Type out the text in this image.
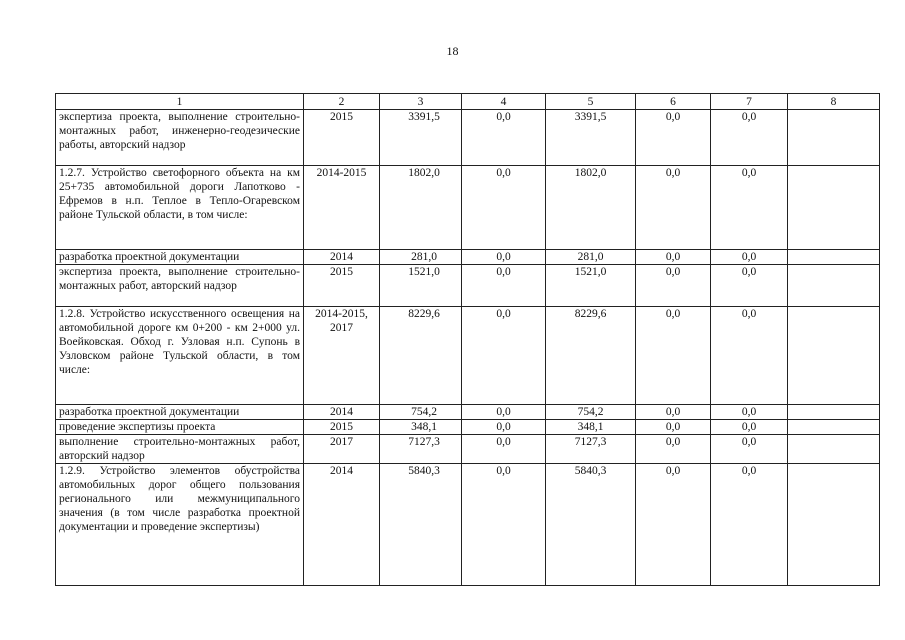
18
1	2	3	4	5	6	7	8
экспертиза проекта, выполнение строительно-монтажных работ, инженерно-геодезические работы, авторский надзор	2015	3391,5	0,0	3391,5	0,0	0,0	
1.2.7. Устройство светофорного объекта на км 25+735 автомобильной дороги Лапотково - Ефремов в н.п. Теплое в Тепло-Огаревском районе Тульской области, в том числе:	2014-2015	1802,0	0,0	1802,0	0,0	0,0	
разработка проектной документации	2014	281,0	0,0	281,0	0,0	0,0	
экспертиза проекта, выполнение строительно-монтажных работ, авторский надзор	2015	1521,0	0,0	1521,0	0,0	0,0	
1.2.8. Устройство искусственного освещения на автомобильной дороге км 0+200 - км 2+000 ул. Воейковская. Обход г. Узловая н.п. Супонь в Узловском районе Тульской области, в том числе:	2014-2015, 2017	8229,6	0,0	8229,6	0,0	0,0	
разработка проектной документации	2014	754,2	0,0	754,2	0,0	0,0	
проведение экспертизы проекта	2015	348,1	0,0	348,1	0,0	0,0	
выполнение строительно-монтажных работ, авторский надзор	2017	7127,3	0,0	7127,3	0,0	0,0	
1.2.9. Устройство элементов обустройства автомобильных дорог общего пользования регионального или межмуниципального значения (в том числе разработка проектной документации и проведение экспертизы)	2014	5840,3	0,0	5840,3	0,0	0,0	
